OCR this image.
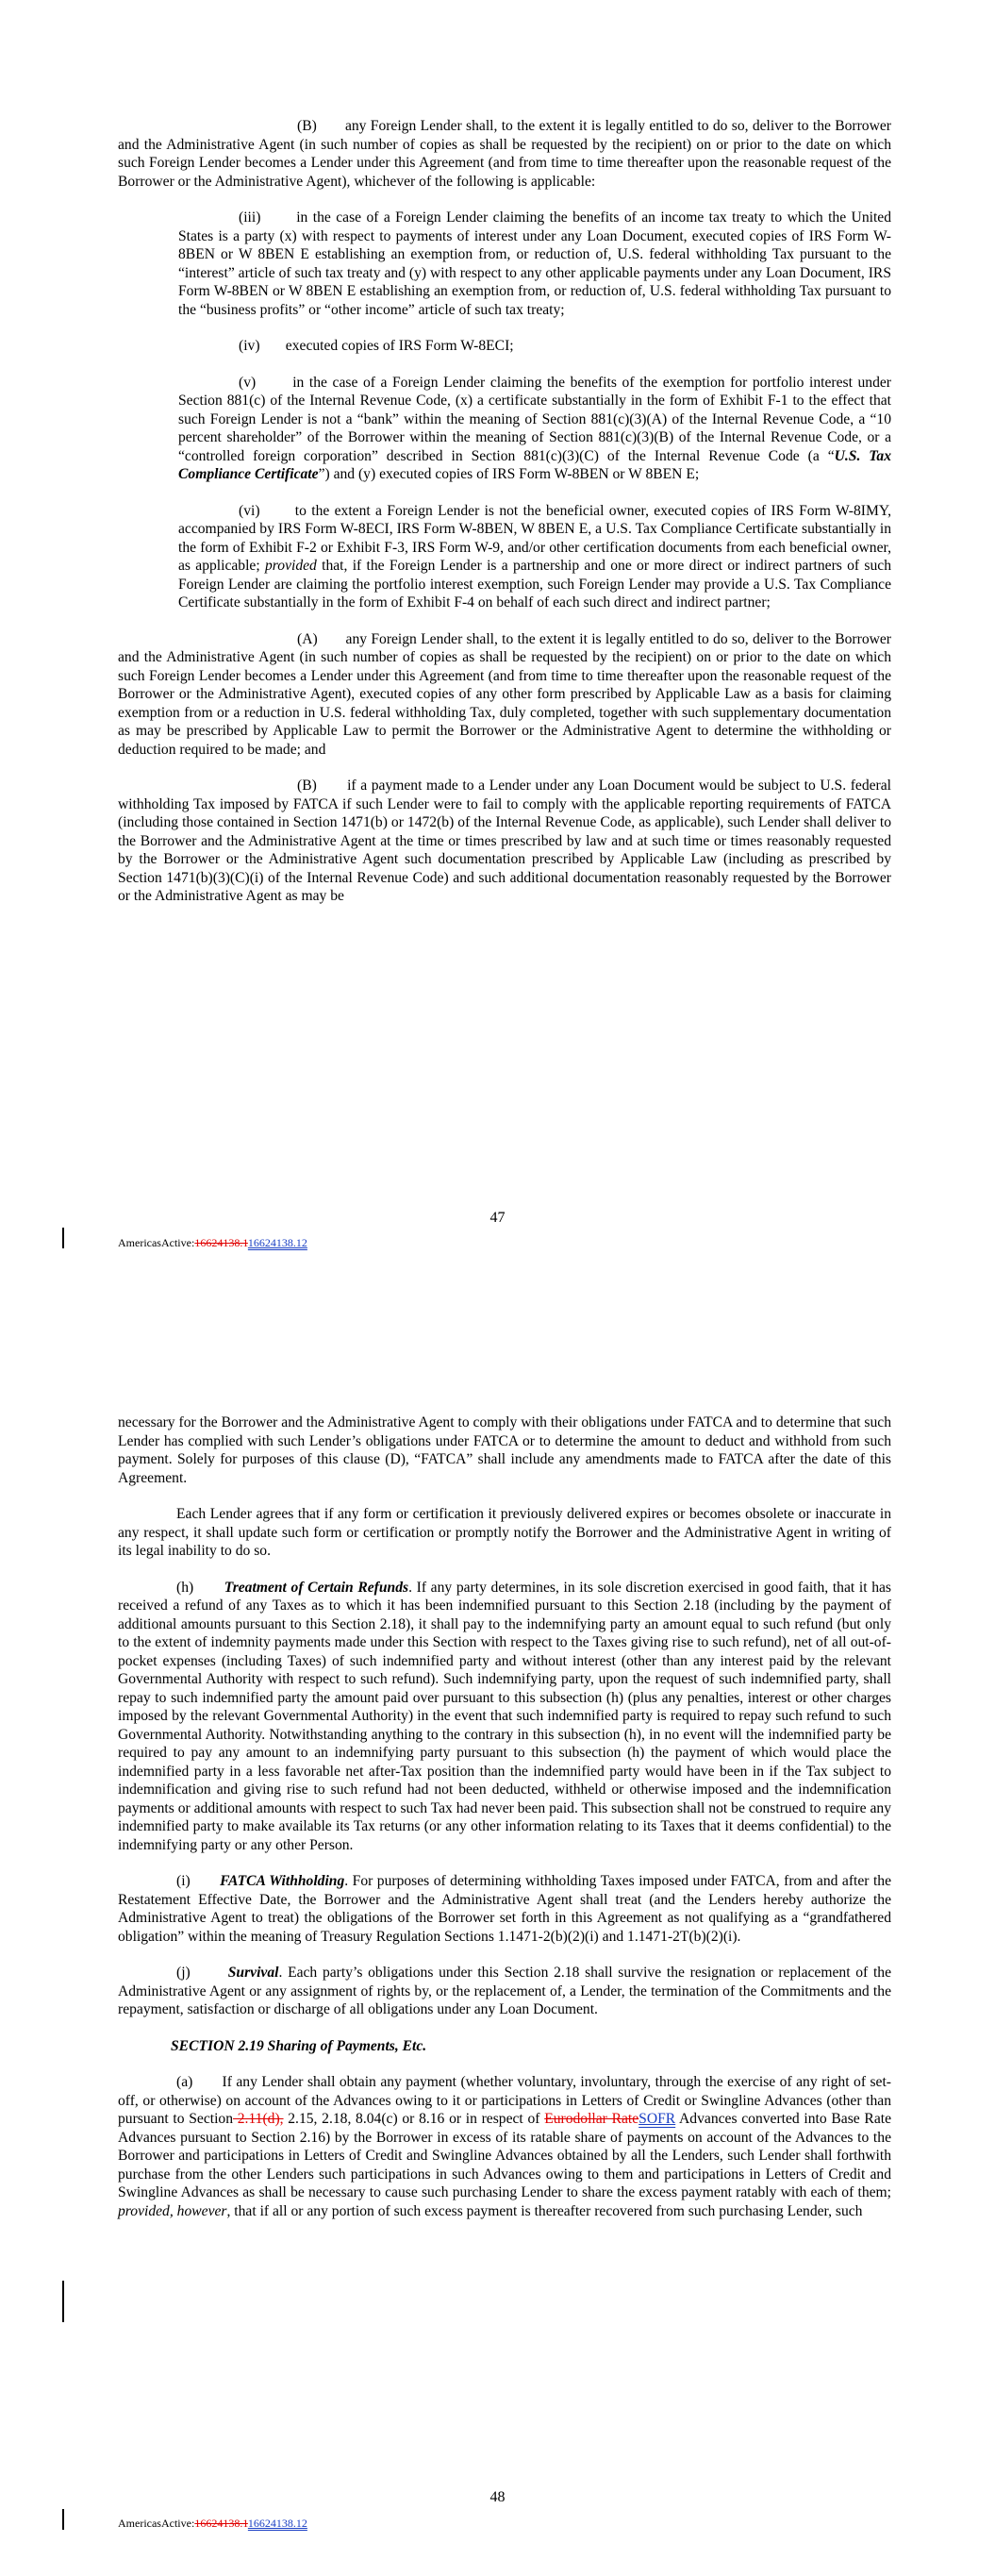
(B)       any Foreign Lender shall, to the extent it is legally entitled to do so, deliver to the Borrower and the Administrative Agent (in such number of copies as shall be requested by the recipient) on or prior to the date on which such Foreign Lender becomes a Lender under this Agreement (and from time to time thereafter upon the reasonable request of the Borrower or the Administrative Agent), whichever of the following is applicable:

(iii)       in the case of a Foreign Lender claiming the benefits of an income tax treaty to which the United States is a party (x) with respect to payments of interest under any Loan Document, executed copies of IRS Form W-8BEN or W 8BEN E establishing an exemption from, or reduction of, U.S. federal withholding Tax pursuant to the “interest” article of such tax treaty and (y) with respect to any other applicable payments under any Loan Document, IRS Form W-8BEN or W 8BEN E establishing an exemption from, or reduction of, U.S. federal withholding Tax pursuant to the “business profits” or “other income” article of such tax treaty;

(iv)       executed copies of IRS Form W-8ECI;

(v)       in the case of a Foreign Lender claiming the benefits of the exemption for portfolio interest under Section 881(c) of the Internal Revenue Code, (x) a certificate substantially in the form of Exhibit F-1 to the effect that such Foreign Lender is not a “bank” within the meaning of Section 881(c)(3)(A) of the Internal Revenue Code, a “10 percent shareholder” of the Borrower within the meaning of Section 881(c)(3)(B) of the Internal Revenue Code, or a “controlled foreign corporation” described in Section 881(c)(3)(C) of the Internal Revenue Code (a “U.S. Tax Compliance Certificate”) and (y) executed copies of IRS Form W-8BEN or W 8BEN E;

(vi)       to the extent a Foreign Lender is not the beneficial owner, executed copies of IRS Form W-8IMY, accompanied by IRS Form W-8ECI, IRS Form W-8BEN, W 8BEN E, a U.S. Tax Compliance Certificate substantially in the form of Exhibit F-2 or Exhibit F-3, IRS Form W-9, and/or other certification documents from each beneficial owner, as applicable; provided that, if the Foreign Lender is a partnership and one or more direct or indirect partners of such Foreign Lender are claiming the portfolio interest exemption, such Foreign Lender may provide a U.S. Tax Compliance Certificate substantially in the form of Exhibit F-4 on behalf of each such direct and indirect partner;

(A)       any Foreign Lender shall, to the extent it is legally entitled to do so, deliver to the Borrower and the Administrative Agent (in such number of copies as shall be requested by the recipient) on or prior to the date on which such Foreign Lender becomes a Lender under this Agreement (and from time to time thereafter upon the reasonable request of the Borrower or the Administrative Agent), executed copies of any other form prescribed by Applicable Law as a basis for claiming exemption from or a reduction in U.S. federal withholding Tax, duly completed, together with such supplementary documentation as may be prescribed by Applicable Law to permit the Borrower or the Administrative Agent to determine the withholding or deduction required to be made; and

(B)       if a payment made to a Lender under any Loan Document would be subject to U.S. federal withholding Tax imposed by FATCA if such Lender were to fail to comply with the applicable reporting requirements of FATCA (including those contained in Section 1471(b) or 1472(b) of the Internal Revenue Code, as applicable), such Lender shall deliver to the Borrower and the Administrative Agent at the time or times prescribed by law and at such time or times reasonably requested by the Borrower or the Administrative Agent such documentation prescribed by Applicable Law (including as prescribed by Section 1471(b)(3)(C)(i) of the Internal Revenue Code) and such additional documentation reasonably requested by the Borrower or the Administrative Agent as may be

47
AmericasActive:16624138.116624138.12

necessary for the Borrower and the Administrative Agent to comply with their obligations under FATCA and to determine that such Lender has complied with such Lender’s obligations under FATCA or to determine the amount to deduct and withhold from such payment. Solely for purposes of this clause (D), “FATCA” shall include any amendments made to FATCA after the date of this Agreement.

Each Lender agrees that if any form or certification it previously delivered expires or becomes obsolete or inaccurate in any respect, it shall update such form or certification or promptly notify the Borrower and the Administrative Agent in writing of its legal inability to do so.

(h)       Treatment of Certain Refunds. If any party determines, in its sole discretion exercised in good faith, that it has received a refund of any Taxes as to which it has been indemnified pursuant to this Section 2.18 (including by the payment of additional amounts pursuant to this Section 2.18), it shall pay to the indemnifying party an amount equal to such refund (but only to the extent of indemnity payments made under this Section with respect to the Taxes giving rise to such refund), net of all out-of-pocket expenses (including Taxes) of such indemnified party and without interest (other than any interest paid by the relevant Governmental Authority with respect to such refund). Such indemnifying party, upon the request of such indemnified party, shall repay to such indemnified party the amount paid over pursuant to this subsection (h) (plus any penalties, interest or other charges imposed by the relevant Governmental Authority) in the event that such indemnified party is required to repay such refund to such Governmental Authority. Notwithstanding anything to the contrary in this subsection (h), in no event will the indemnified party be required to pay any amount to an indemnifying party pursuant to this subsection (h) the payment of which would place the indemnified party in a less favorable net after-Tax position than the indemnified party would have been in if the Tax subject to indemnification and giving rise to such refund had not been deducted, withheld or otherwise imposed and the indemnification payments or additional amounts with respect to such Tax had never been paid. This subsection shall not be construed to require any indemnified party to make available its Tax returns (or any other information relating to its Taxes that it deems confidential) to the indemnifying party or any other Person.

(i)       FATCA Withholding. For purposes of determining withholding Taxes imposed under FATCA, from and after the Restatement Effective Date, the Borrower and the Administrative Agent shall treat (and the Lenders hereby authorize the Administrative Agent to treat) the obligations of the Borrower set forth in this Agreement as not qualifying as a “grandfathered obligation” within the meaning of Treasury Regulation Sections 1.1471-2(b)(2)(i) and 1.1471-2T(b)(2)(i).

(j)       Survival. Each party’s obligations under this Section 2.18 shall survive the resignation or replacement of the Administrative Agent or any assignment of rights by, or the replacement of, a Lender, the termination of the Commitments and the repayment, satisfaction or discharge of all obligations under any Loan Document.

SECTION 2.19 Sharing of Payments, Etc.

(a)       If any Lender shall obtain any payment (whether voluntary, involuntary, through the exercise of any right of set-off, or otherwise) on account of the Advances owing to it or participations in Letters of Credit or Swingline Advances (other than pursuant to Section 2.11(d), 2.15, 2.18, 8.04(c) or 8.16 or in respect of Eurodollar RateSOFR Advances converted into Base Rate Advances pursuant to Section 2.16) by the Borrower in excess of its ratable share of payments on account of the Advances to the Borrower and participations in Letters of Credit and Swingline Advances obtained by all the Lenders, such Lender shall forthwith purchase from the other Lenders such participations in such Advances owing to them and participations in Letters of Credit and Swingline Advances as shall be necessary to cause such purchasing Lender to share the excess payment ratably with each of them; provided, however, that if all or any portion of such excess payment is thereafter recovered from such purchasing Lender, such

48
AmericasActive:16624138.116624138.12
